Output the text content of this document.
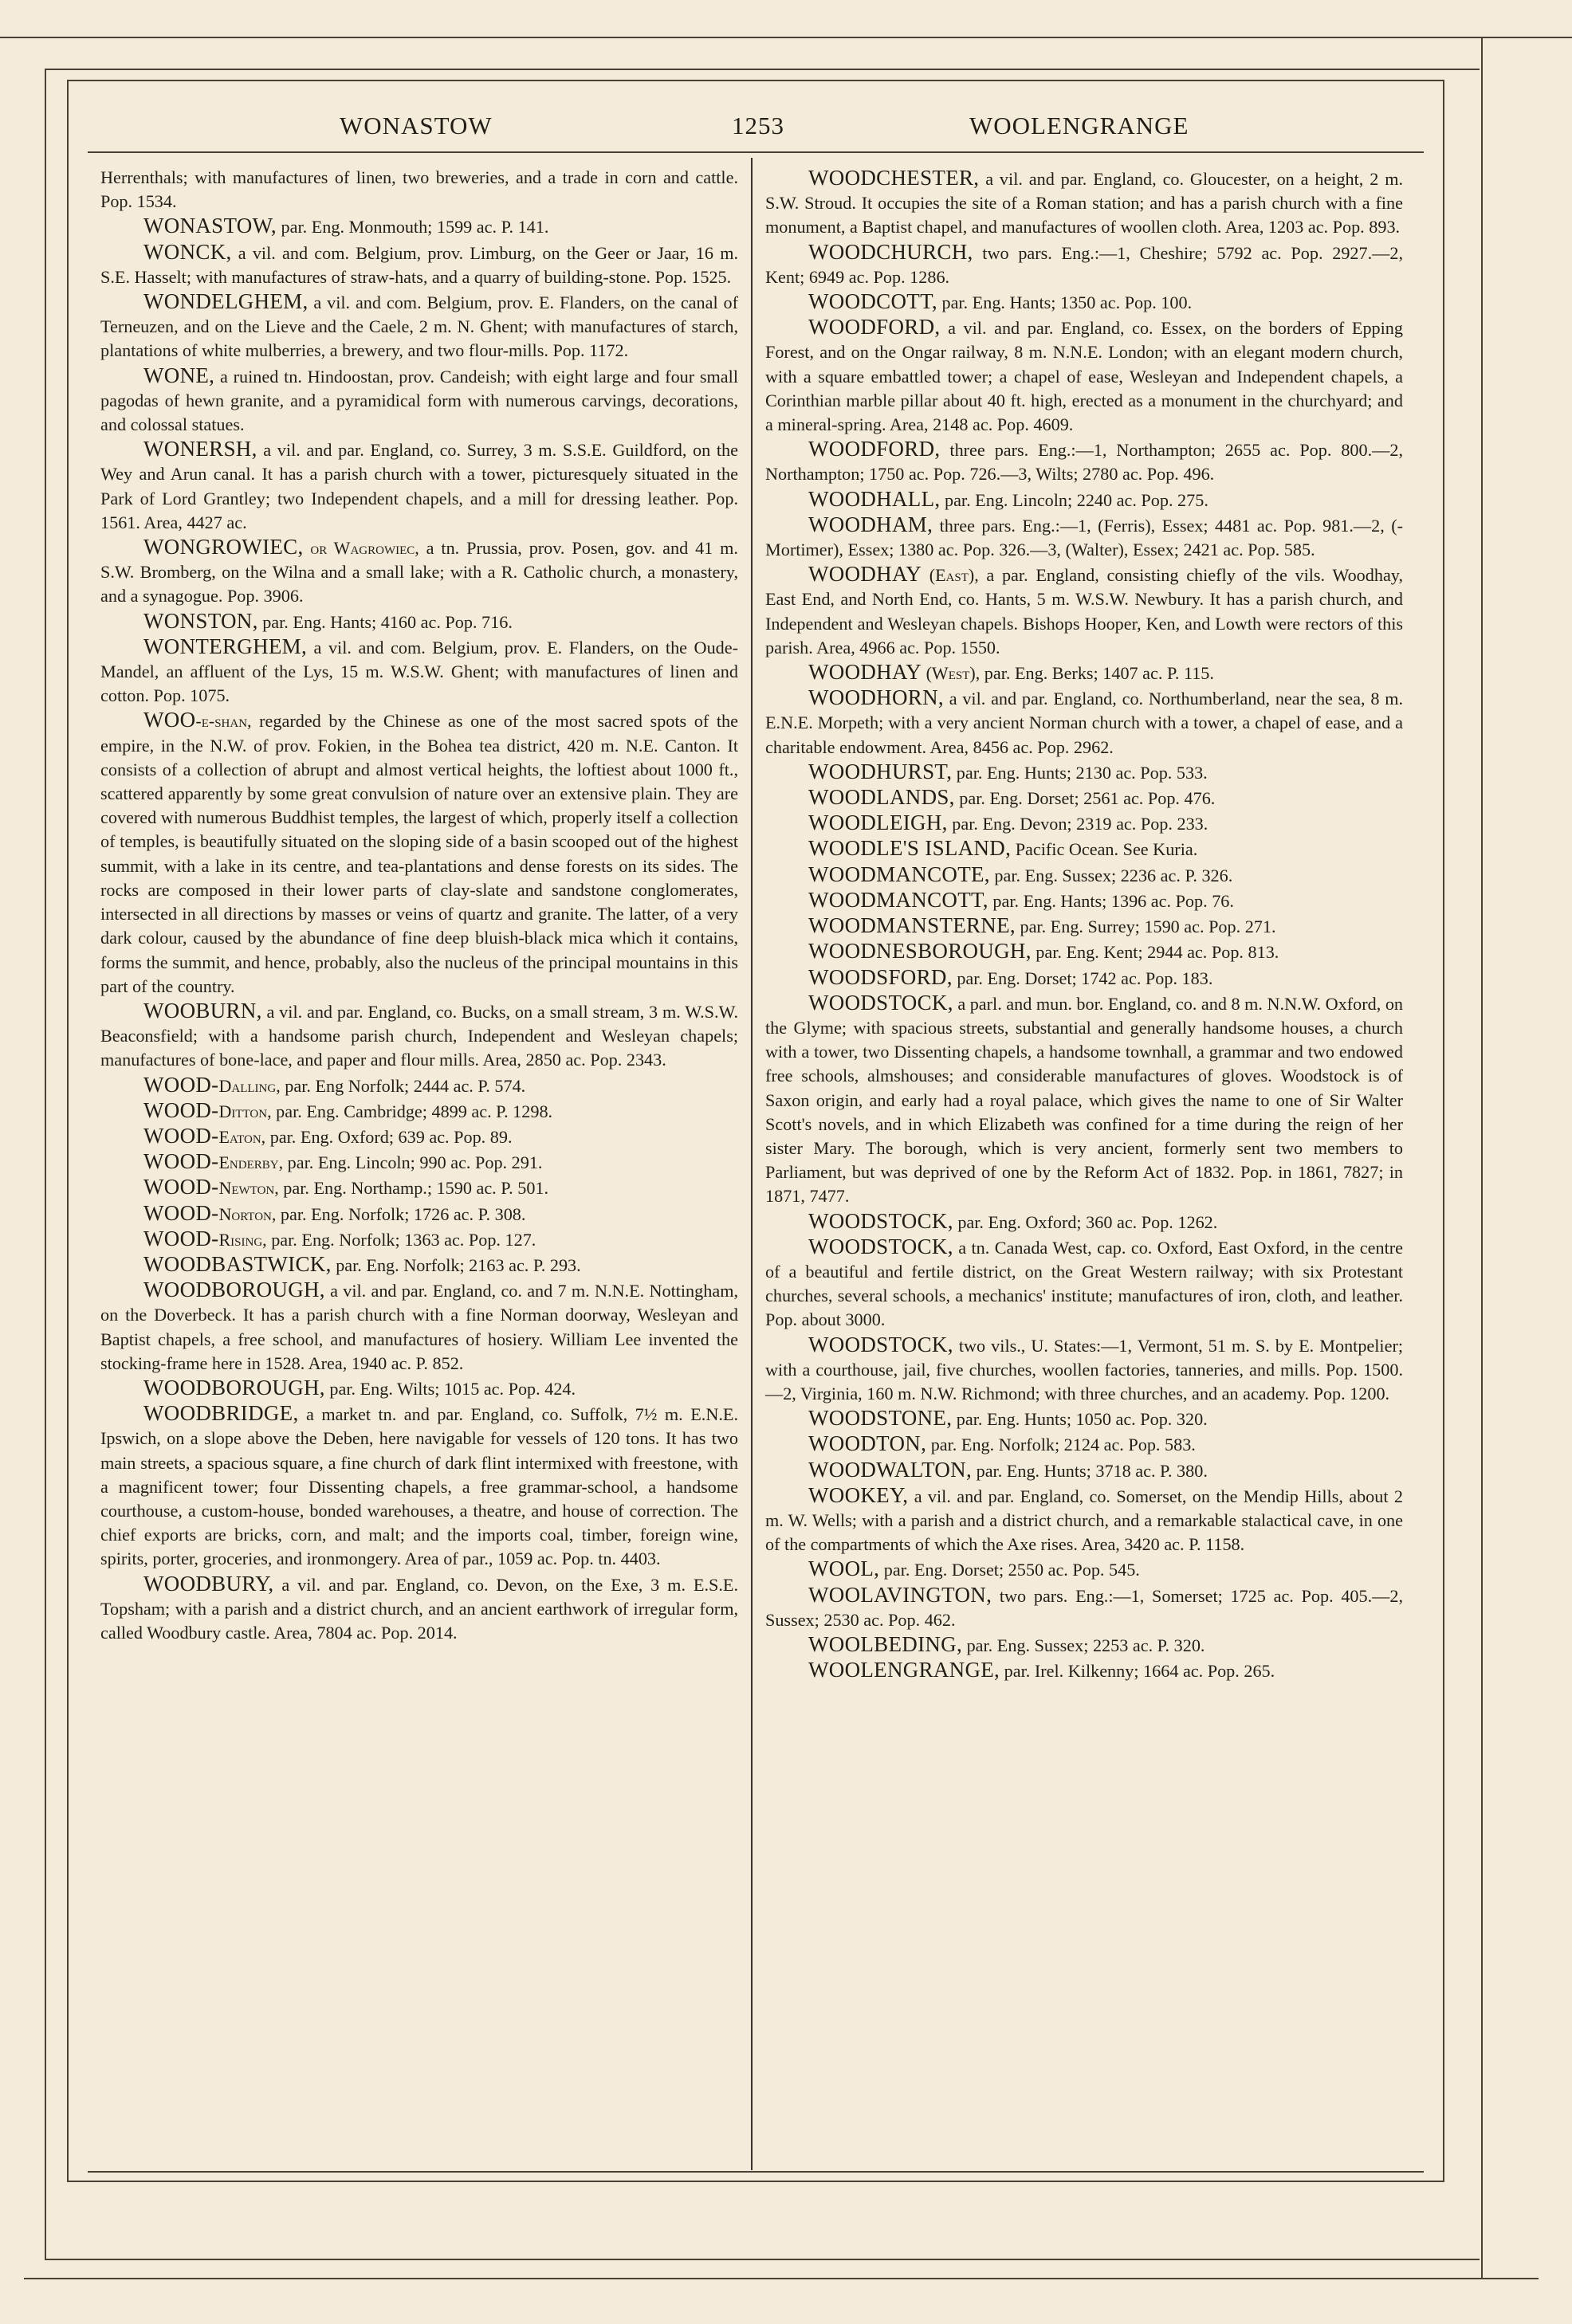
WONASTOW	1253	WOOLENGRANGE

Herrenthals; with manufactures of linen, two breweries, and a trade in corn and cattle. Pop. 1534.

WONASTOW, par. Eng. Monmouth; 1599 ac. P. 141.

WONCK, a vil. and com. Belgium, prov. Limburg, on the Geer or Jaar, 16 m. S.E. Hasselt; with manufactures of straw-hats, and a quarry of building-stone. Pop. 1525.

WONDELGHEM, a vil. and com. Belgium, prov. E. Flanders, on the canal of Terneuzen, and on the Lieve and the Caele, 2 m. N. Ghent; with manufactures of starch, plantations of white mulberries, a brewery, and two flour-mills. Pop. 1172.

WONE, a ruined tn. Hindoostan, prov. Candeish; with eight large and four small pagodas of hewn granite, and a pyramidical form with numerous carvings, decorations, and colossal statues.

WONERSH, a vil. and par. England, co. Surrey, 3 m. S.S.E. Guildford, on the Wey and Arun canal. It has a parish church with a tower, picturesquely situated in the Park of Lord Grantley; two Independent chapels, and a mill for dressing leather. Pop. 1561. Area, 4427 ac.

WONGROWIEC, or Wagrowiec, a tn. Prussia, prov. Posen, gov. and 41 m. S.W. Bromberg, on the Wilna and a small lake; with a R. Catholic church, a monastery, and a synagogue. Pop. 3906.

WONSTON, par. Eng. Hants; 4160 ac. Pop. 716.

WONTERGHEM, a vil. and com. Belgium, prov. E. Flanders, on the Oude-Mandel, an affluent of the Lys, 15 m. W.S.W. Ghent; with manufactures of linen and cotton. Pop. 1075.

WOO-e-shan, regarded by the Chinese as one of the most sacred spots of the empire, in the N.W. of prov. Fokien, in the Bohea tea district, 420 m. N.E. Canton. It consists of a collection of abrupt and almost vertical heights, the loftiest about 1000 ft., scattered apparently by some great convulsion of nature over an extensive plain. They are covered with numerous Buddhist temples, the largest of which, properly itself a collection of temples, is beautifully situated on the sloping side of a basin scooped out of the highest summit, with a lake in its centre, and tea-plantations and dense forests on its sides. The rocks are composed in their lower parts of clay-slate and sandstone conglomerates, intersected in all directions by masses or veins of quartz and granite. The latter, of a very dark colour, caused by the abundance of fine deep bluish-black mica which it contains, forms the summit, and hence, probably, also the nucleus of the principal mountains in this part of the country.

WOOBURN, a vil. and par. England, co. Bucks, on a small stream, 3 m. W.S.W. Beaconsfield; with a handsome parish church, Independent and Wesleyan chapels; manufactures of bone-lace, and paper and flour mills. Area, 2850 ac. Pop. 2343.

WOOD-Dalling, par. Eng Norfolk; 2444 ac. P. 574.

WOOD-Ditton, par. Eng. Cambridge; 4899 ac. P. 1298.

WOOD-Eaton, par. Eng. Oxford; 639 ac. Pop. 89.

WOOD-Enderby, par. Eng. Lincoln; 990 ac. Pop. 291.

WOOD-Newton, par. Eng. Northamp.; 1590 ac. P. 501.

WOOD-Norton, par. Eng. Norfolk; 1726 ac. P. 308.

WOOD-Rising, par. Eng. Norfolk; 1363 ac. Pop. 127.

WOODBASTWICK, par. Eng. Norfolk; 2163 ac. P. 293.

WOODBOROUGH, a vil. and par. England, co. and 7 m. N.N.E. Nottingham, on the Doverbeck. It has a parish church with a fine Norman doorway, Wesleyan and Baptist chapels, a free school, and manufactures of hosiery. William Lee invented the stocking-frame here in 1528. Area, 1940 ac. P. 852.

WOODBOROUGH, par. Eng. Wilts; 1015 ac. Pop. 424.

WOODBRIDGE, a market tn. and par. England, co. Suffolk, 7½ m. E.N.E. Ipswich, on a slope above the Deben, here navigable for vessels of 120 tons. It has two main streets, a spacious square, a fine church of dark flint intermixed with freestone, with a magnificent tower; four Dissenting chapels, a free grammar-school, a handsome courthouse, a custom-house, bonded warehouses, a theatre, and house of correction. The chief exports are bricks, corn, and malt; and the imports coal, timber, foreign wine, spirits, porter, groceries, and ironmongery. Area of par., 1059 ac. Pop. tn. 4403.

WOODBURY, a vil. and par. England, co. Devon, on the Exe, 3 m. E.S.E. Topsham; with a parish and a district church, and an ancient earthwork of irregular form, called Woodbury castle. Area, 7804 ac. Pop. 2014.

WOODCHESTER, a vil. and par. England, co. Gloucester, on a height, 2 m. S.W. Stroud. It occupies the site of a Roman station; and has a parish church with a fine monument, a Baptist chapel, and manufactures of woollen cloth. Area, 1203 ac. Pop. 893.

WOODCHURCH, two pars. Eng.:—1, Cheshire; 5792 ac. Pop. 2927.—2, Kent; 6949 ac. Pop. 1286.

WOODCOTT, par. Eng. Hants; 1350 ac. Pop. 100.

WOODFORD, a vil. and par. England, co. Essex, on the borders of Epping Forest, and on the Ongar railway, 8 m. N.N.E. London; with an elegant modern church, with a square embattled tower; a chapel of ease, Wesleyan and Independent chapels, a Corinthian marble pillar about 40 ft. high, erected as a monument in the churchyard; and a mineral-spring. Area, 2148 ac. Pop. 4609.

WOODFORD, three pars. Eng.:—1, Northampton; 2655 ac. Pop. 800.—2, Northampton; 1750 ac. Pop. 726.—3, Wilts; 2780 ac. Pop. 496.

WOODHALL, par. Eng. Lincoln; 2240 ac. Pop. 275.

WOODHAM, three pars. Eng.:—1, (Ferris), Essex; 4481 ac. Pop. 981.—2, (-Mortimer), Essex; 1380 ac. Pop. 326.—3, (Walter), Essex; 2421 ac. Pop. 585.

WOODHAY (East), a par. England, consisting chiefly of the vils. Woodhay, East End, and North End, co. Hants, 5 m. W.S.W. Newbury. It has a parish church, and Independent and Wesleyan chapels. Bishops Hooper, Ken, and Lowth were rectors of this parish. Area, 4966 ac. Pop. 1550.

WOODHAY (West), par. Eng. Berks; 1407 ac. P. 115.

WOODHORN, a vil. and par. England, co. Northumberland, near the sea, 8 m. E.N.E. Morpeth; with a very ancient Norman church with a tower, a chapel of ease, and a charitable endowment. Area, 8456 ac. Pop. 2962.

WOODHURST, par. Eng. Hunts; 2130 ac. Pop. 533.

WOODLANDS, par. Eng. Dorset; 2561 ac. Pop. 476.

WOODLEIGH, par. Eng. Devon; 2319 ac. Pop. 233.

WOODLE'S ISLAND, Pacific Ocean. See Kuria.

WOODMANCOTE, par. Eng. Sussex; 2236 ac. P. 326.

WOODMANCOTT, par. Eng. Hants; 1396 ac. Pop. 76.

WOODMANSTERNE, par. Eng. Surrey; 1590 ac. Pop. 271.

WOODNESBOROUGH, par. Eng. Kent; 2944 ac. Pop. 813.

WOODSFORD, par. Eng. Dorset; 1742 ac. Pop. 183.

WOODSTOCK, a parl. and mun. bor. England, co. and 8 m. N.N.W. Oxford, on the Glyme; with spacious streets, substantial and generally handsome houses, a church with a tower, two Dissenting chapels, a handsome townhall, a grammar and two endowed free schools, almshouses; and considerable manufactures of gloves. Woodstock is of Saxon origin, and early had a royal palace, which gives the name to one of Sir Walter Scott's novels, and in which Elizabeth was confined for a time during the reign of her sister Mary. The borough, which is very ancient, formerly sent two members to Parliament, but was deprived of one by the Reform Act of 1832. Pop. in 1861, 7827; in 1871, 7477.

WOODSTOCK, par. Eng. Oxford; 360 ac. Pop. 1262.

WOODSTOCK, a tn. Canada West, cap. co. Oxford, East Oxford, in the centre of a beautiful and fertile district, on the Great Western railway; with six Protestant churches, several schools, a mechanics' institute; manufactures of iron, cloth, and leather. Pop. about 3000.

WOODSTOCK, two vils., U. States:—1, Vermont, 51 m. S. by E. Montpelier; with a courthouse, jail, five churches, woollen factories, tanneries, and mills. Pop. 1500.—2, Virginia, 160 m. N.W. Richmond; with three churches, and an academy. Pop. 1200.

WOODSTONE, par. Eng. Hunts; 1050 ac. Pop. 320.

WOODTON, par. Eng. Norfolk; 2124 ac. Pop. 583.

WOODWALTON, par. Eng. Hunts; 3718 ac. P. 380.

WOOKEY, a vil. and par. England, co. Somerset, on the Mendip Hills, about 2 m. W. Wells; with a parish and a district church, and a remarkable stalactical cave, in one of the compartments of which the Axe rises. Area, 3420 ac. P. 1158.

WOOL, par. Eng. Dorset; 2550 ac. Pop. 545.

WOOLAVINGTON, two pars. Eng.:—1, Somerset; 1725 ac. Pop. 405.—2, Sussex; 2530 ac. Pop. 462.

WOOLBEDING, par. Eng. Sussex; 2253 ac. P. 320.

WOOLENGRANGE, par. Irel. Kilkenny; 1664 ac. Pop. 265.
